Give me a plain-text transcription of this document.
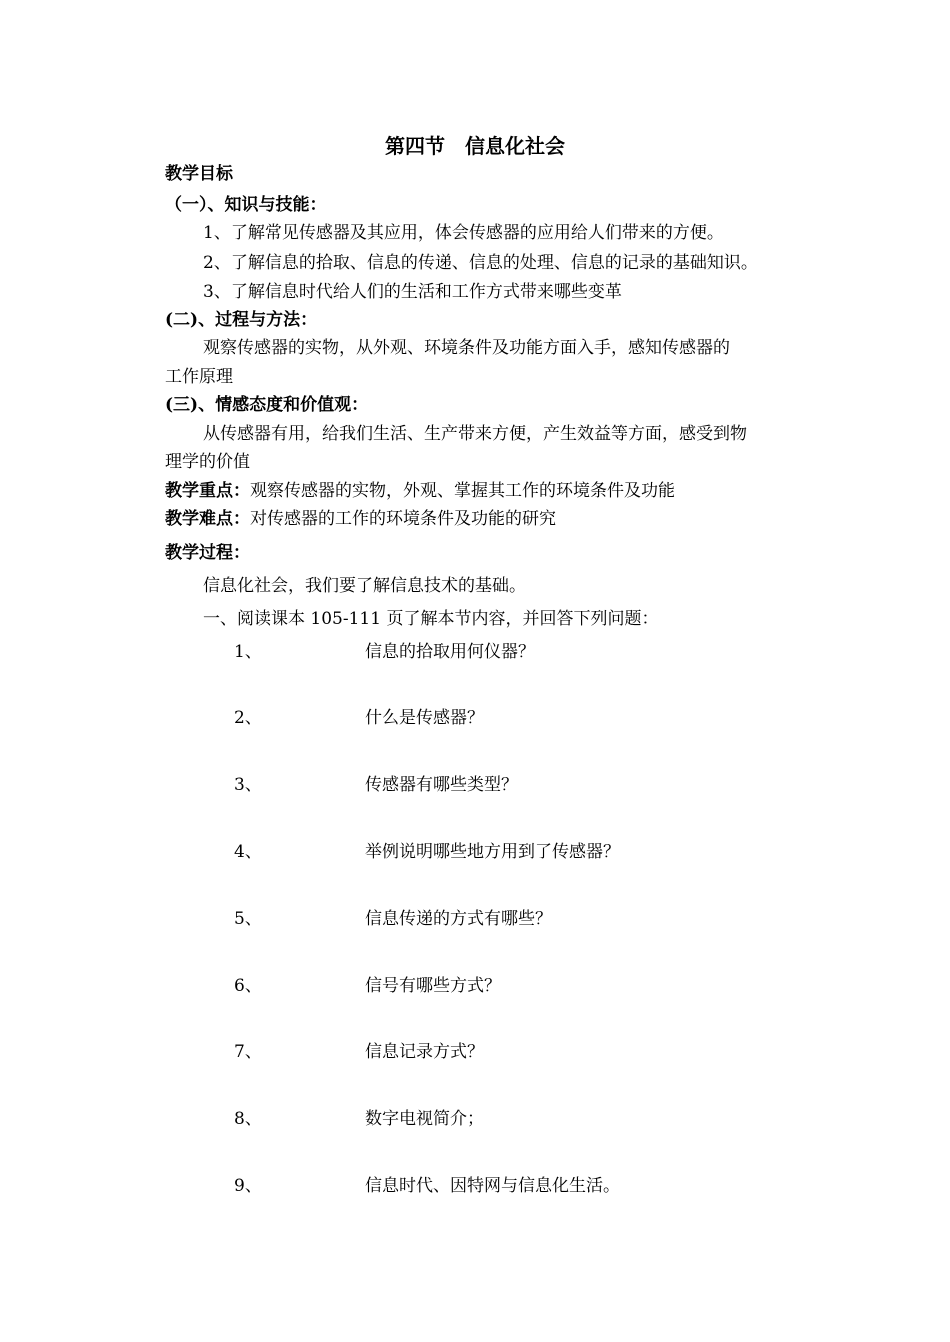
第四节　信息化社会
教学目标
（一）、知识与技能：
1、了解常见传感器及其应用，体会传感器的应用给人们带来的方便。
2、了解信息的拾取、信息的传递、信息的处理、信息的记录的基础知识。
3、了解信息时代给人们的生活和工作方式带来哪些变革
(二)、过程与方法：
观察传感器的实物，从外观、环境条件及功能方面入手，感知传感器的
工作原理
(三)、情感态度和价值观：
从传感器有用，给我们生活、生产带来方便，产生效益等方面，感受到物
理学的价值
教学重点：观察传感器的实物，外观、掌握其工作的环境条件及功能
教学难点：对传感器的工作的环境条件及功能的研究
教学过程：
信息化社会，我们要了解信息技术的基础。
一、阅读课本 105-111 页了解本节内容，并回答下列问题：
1、	信息的拾取用何仪器？
2、	什么是传感器？
3、	传感器有哪些类型？
4、	举例说明哪些地方用到了传感器？
5、	信息传递的方式有哪些？
6、	信号有哪些方式？
7、	信息记录方式？
8、	数字电视简介；
9、	信息时代、因特网与信息化生活。
